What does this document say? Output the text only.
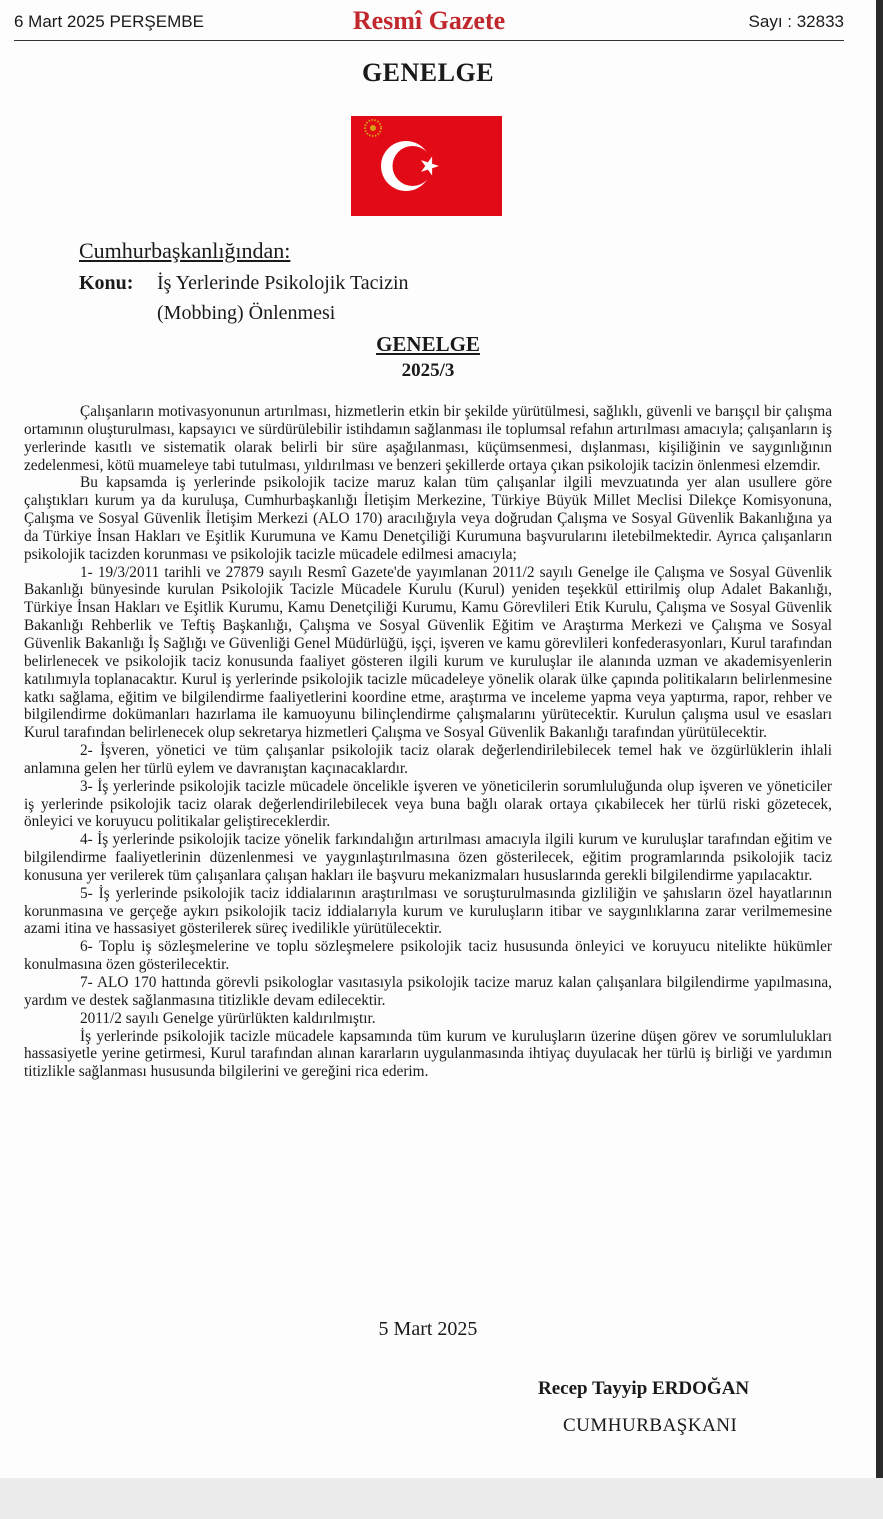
6 Mart 2025 PERŞEMBE	Resmî Gazete	Sayı : 32833
GENELGE
Cumhurbaşkanlığından:
Konu: İş Yerlerinde Psikolojik Tacizin
(Mobbing) Önlenmesi
GENELGE
2025/3

Çalışanların motivasyonunun artırılması, hizmetlerin etkin bir şekilde yürütülmesi, sağlıklı, güvenli ve barışçıl bir çalışma ortamının oluşturulması, kapsayıcı ve sürdürülebilir istihdamın sağlanması ile toplumsal refahın artırılması amacıyla; çalışanların iş yerlerinde kasıtlı ve sistematik olarak belirli bir süre aşağılanması, küçümsenmesi, dışlanması, kişiliğinin ve saygınlığının zedelenmesi, kötü muameleye tabi tutulması, yıldırılması ve benzeri şekillerde ortaya çıkan psikolojik tacizin önlenmesi elzemdir.

Bu kapsamda iş yerlerinde psikolojik tacize maruz kalan tüm çalışanlar ilgili mevzuatında yer alan usullere göre çalıştıkları kurum ya da kuruluşa, Cumhurbaşkanlığı İletişim Merkezine, Türkiye Büyük Millet Meclisi Dilekçe Komisyonuna, Çalışma ve Sosyal Güvenlik İletişim Merkezi (ALO 170) aracılığıyla veya doğrudan Çalışma ve Sosyal Güvenlik Bakanlığına ya da Türkiye İnsan Hakları ve Eşitlik Kurumuna ve Kamu Denetçiliği Kurumuna başvurularını iletebilmektedir. Ayrıca çalışanların psikolojik tacizden korunması ve psikolojik tacizle mücadele edilmesi amacıyla;

1- 19/3/2011 tarihli ve 27879 sayılı Resmî Gazete'de yayımlanan 2011/2 sayılı Genelge ile Çalışma ve Sosyal Güvenlik Bakanlığı bünyesinde kurulan Psikolojik Tacizle Mücadele Kurulu (Kurul) yeniden teşekkül ettirilmiş olup Adalet Bakanlığı, Türkiye İnsan Hakları ve Eşitlik Kurumu, Kamu Denetçiliği Kurumu, Kamu Görevlileri Etik Kurulu, Çalışma ve Sosyal Güvenlik Bakanlığı Rehberlik ve Teftiş Başkanlığı, Çalışma ve Sosyal Güvenlik Eğitim ve Araştırma Merkezi ve Çalışma ve Sosyal Güvenlik Bakanlığı İş Sağlığı ve Güvenliği Genel Müdürlüğü, işçi, işveren ve kamu görevlileri konfederasyonları, Kurul tarafından belirlenecek ve psikolojik taciz konusunda faaliyet gösteren ilgili kurum ve kuruluşlar ile alanında uzman ve akademisyenlerin katılımıyla toplanacaktır. Kurul iş yerlerinde psikolojik tacizle mücadeleye yönelik olarak ülke çapında politikaların belirlenmesine katkı sağlama, eğitim ve bilgilendirme faaliyetlerini koordine etme, araştırma ve inceleme yapma veya yaptırma, rapor, rehber ve bilgilendirme dokümanları hazırlama ile kamuoyunu bilinçlendirme çalışmalarını yürütecektir. Kurulun çalışma usul ve esasları Kurul tarafından belirlenecek olup sekretarya hizmetleri Çalışma ve Sosyal Güvenlik Bakanlığı tarafından yürütülecektir.

2- İşveren, yönetici ve tüm çalışanlar psikolojik taciz olarak değerlendirilebilecek temel hak ve özgürlüklerin ihlali anlamına gelen her türlü eylem ve davranıştan kaçınacaklardır.

3- İş yerlerinde psikolojik tacizle mücadele öncelikle işveren ve yöneticilerin sorumluluğunda olup işveren ve yöneticiler iş yerlerinde psikolojik taciz olarak değerlendirilebilecek veya buna bağlı olarak ortaya çıkabilecek her türlü riski gözetecek, önleyici ve koruyucu politikalar geliştireceklerdir.

4- İş yerlerinde psikolojik tacize yönelik farkındalığın artırılması amacıyla ilgili kurum ve kuruluşlar tarafından eğitim ve bilgilendirme faaliyetlerinin düzenlenmesi ve yaygınlaştırılmasına özen gösterilecek, eğitim programlarında psikolojik taciz konusuna yer verilerek tüm çalışanlara çalışan hakları ile başvuru mekanizmaları hususlarında gerekli bilgilendirme yapılacaktır.

5- İş yerlerinde psikolojik taciz iddialarının araştırılması ve soruşturulmasında gizliliğin ve şahısların özel hayatlarının korunmasına ve gerçeğe aykırı psikolojik taciz iddialarıyla kurum ve kuruluşların itibar ve saygınlıklarına zarar verilmemesine azami itina ve hassasiyet gösterilerek süreç ivedilikle yürütülecektir.

6- Toplu iş sözleşmelerine ve toplu sözleşmelere psikolojik taciz hususunda önleyici ve koruyucu nitelikte hükümler konulmasına özen gösterilecektir.

7- ALO 170 hattında görevli psikologlar vasıtasıyla psikolojik tacize maruz kalan çalışanlara bilgilendirme yapılmasına, yardım ve destek sağlanmasına titizlikle devam edilecektir.

2011/2 sayılı Genelge yürürlükten kaldırılmıştır.

İş yerlerinde psikolojik tacizle mücadele kapsamında tüm kurum ve kuruluşların üzerine düşen görev ve sorumlulukları hassasiyetle yerine getirmesi, Kurul tarafından alınan kararların uygulanmasında ihtiyaç duyulacak her türlü iş birliği ve yardımın titizlikle sağlanması hususunda bilgilerini ve gereğini rica ederim.

5 Mart 2025
Recep Tayyip ERDOĞAN
CUMHURBAŞKANI
